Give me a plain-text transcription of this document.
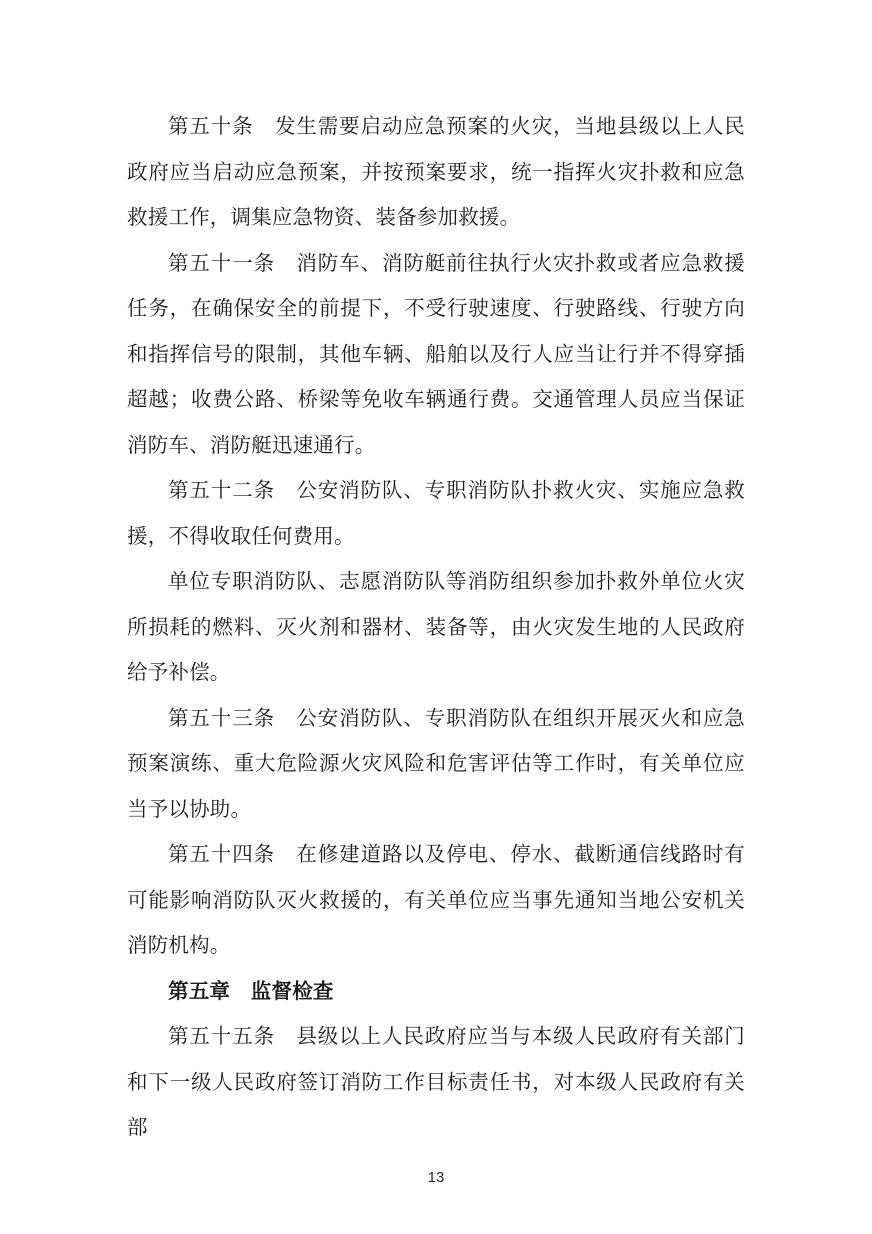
第五十条　发生需要启动应急预案的火灾，当地县级以上人民政府应当启动应急预案，并按预案要求，统一指挥火灾扑救和应急救援工作，调集应急物资、装备参加救援。

第五十一条　消防车、消防艇前往执行火灾扑救或者应急救援任务，在确保安全的前提下，不受行驶速度、行驶路线、行驶方向和指挥信号的限制，其他车辆、船舶以及行人应当让行并不得穿插超越；收费公路、桥梁等免收车辆通行费。交通管理人员应当保证消防车、消防艇迅速通行。

第五十二条　公安消防队、专职消防队扑救火灾、实施应急救援，不得收取任何费用。

单位专职消防队、志愿消防队等消防组织参加扑救外单位火灾所损耗的燃料、灭火剂和器材、装备等，由火灾发生地的人民政府给予补偿。

第五十三条　公安消防队、专职消防队在组织开展灭火和应急预案演练、重大危险源火灾风险和危害评估等工作时，有关单位应当予以协助。

第五十四条　在修建道路以及停电、停水、截断通信线路时有可能影响消防队灭火救援的，有关单位应当事先通知当地公安机关消防机构。

第五章　监督检查

第五十五条　县级以上人民政府应当与本级人民政府有关部门和下一级人民政府签订消防工作目标责任书，对本级人民政府有关部

13
